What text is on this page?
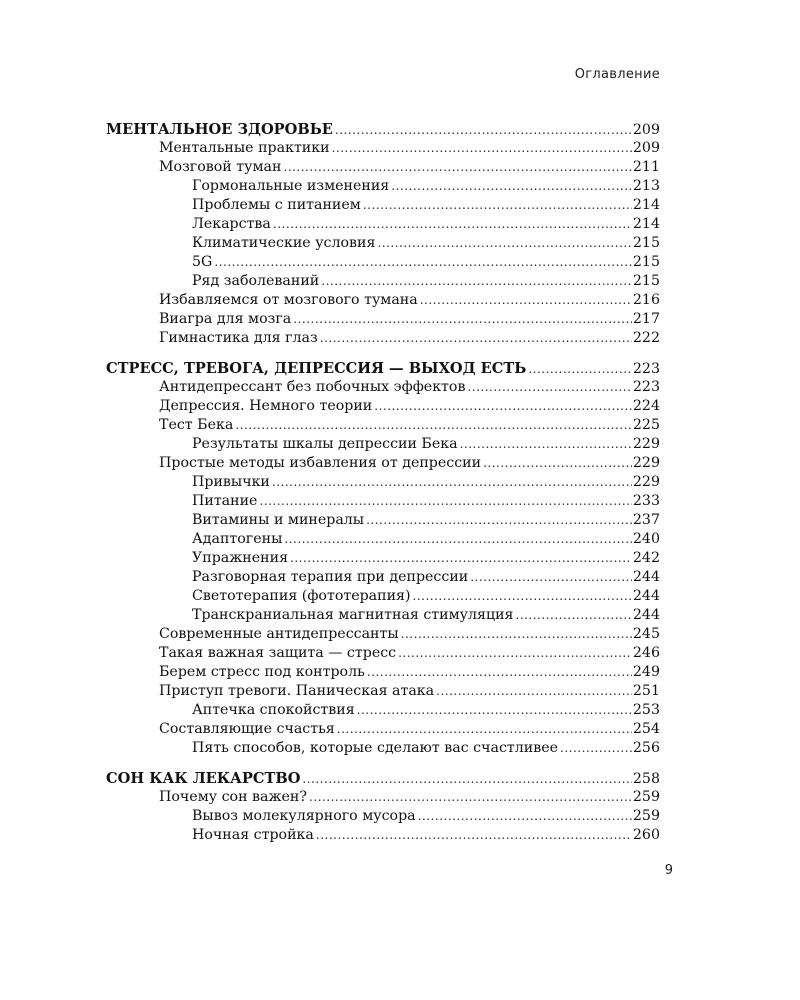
Оглавление
МЕНТАЛЬНОЕ ЗДОРОВЬЕ .....	209
Ментальные практики .....	209
Мозговой туман .....	211
Гормональные изменения .....	213
Проблемы с питанием .....	214
Лекарства .....	214
Климатические условия .....	215
5G .....	215
Ряд заболеваний .....	215
Избавляемся от мозгового тумана .....	216
Виагра для мозга .....	217
Гимнастика для глаз .....	222
СТРЕСС, ТРЕВОГА, ДЕПРЕССИЯ — ВЫХОД ЕСТЬ .....	223
Антидепрессант без побочных эффектов .....	223
Депрессия. Немного теории .....	224
Тест Бека .....	225
Результаты шкалы депрессии Бека .....	229
Простые методы избавления от депрессии .....	229
Привычки .....	229
Питание .....	233
Витамины и минералы .....	237
Адаптогены .....	240
Упражнения .....	242
Разговорная терапия при депрессии .....	244
Светотерапия (фототерапия) .....	244
Транскраниальная магнитная стимуляция .....	244
Современные антидепрессанты .....	245
Такая важная защита — стресс .....	246
Берем стресс под контроль .....	249
Приступ тревоги. Паническая атака .....	251
Аптечка спокойствия .....	253
Составляющие счастья .....	254
Пять способов, которые сделают вас счастливее .....	256
СОН КАК ЛЕКАРСТВО .....	258
Почему сон важен? .....	259
Вывоз молекулярного мусора .....	259
Ночная стройка .....	260
9
